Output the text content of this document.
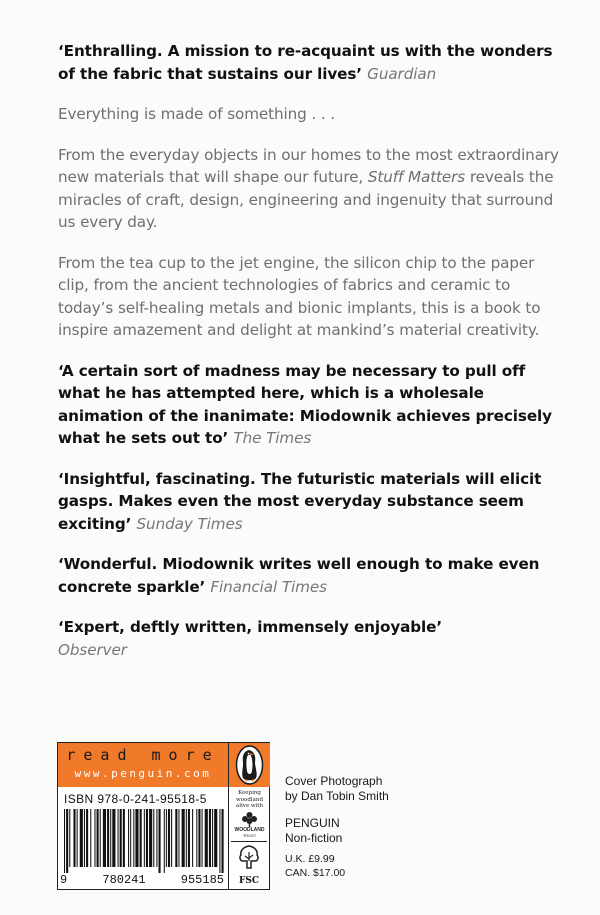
‘Enthralling. A mission to re-acquaint us with the wonders of the fabric that sustains our lives’ Guardian

Everything is made of something . . .

From the everyday objects in our homes to the most extraordinary new materials that will shape our future, Stuff Matters reveals the miracles of craft, design, engineering and ingenuity that surround us every day.

From the tea cup to the jet engine, the silicon chip to the paper clip, from the ancient technologies of fabrics and ceramic to today’s self-healing metals and bionic implants, this is a book to inspire amazement and delight at mankind’s material creativity.

‘A certain sort of madness may be necessary to pull off what he has attempted here, which is a wholesale animation of the inanimate: Miodownik achieves precisely what he sets out to’ The Times

‘Insightful, fascinating. The futuristic materials will elicit gasps. Makes even the most everyday substance seem exciting’ Sunday Times

‘Wonderful. Miodownik writes well enough to make even concrete sparkle’ Financial Times

‘Expert, deftly written, immensely enjoyable’
Observer

read more
www.penguin.com
ISBN 978-0-241-95518-5
9	780241	955185
Keeping woodland alive with
WOODLAND
TRUST
FSC
Cover Photograph
by Dan Tobin Smith
PENGUIN
Non-fiction
U.K. £9.99
CAN. $17.00
